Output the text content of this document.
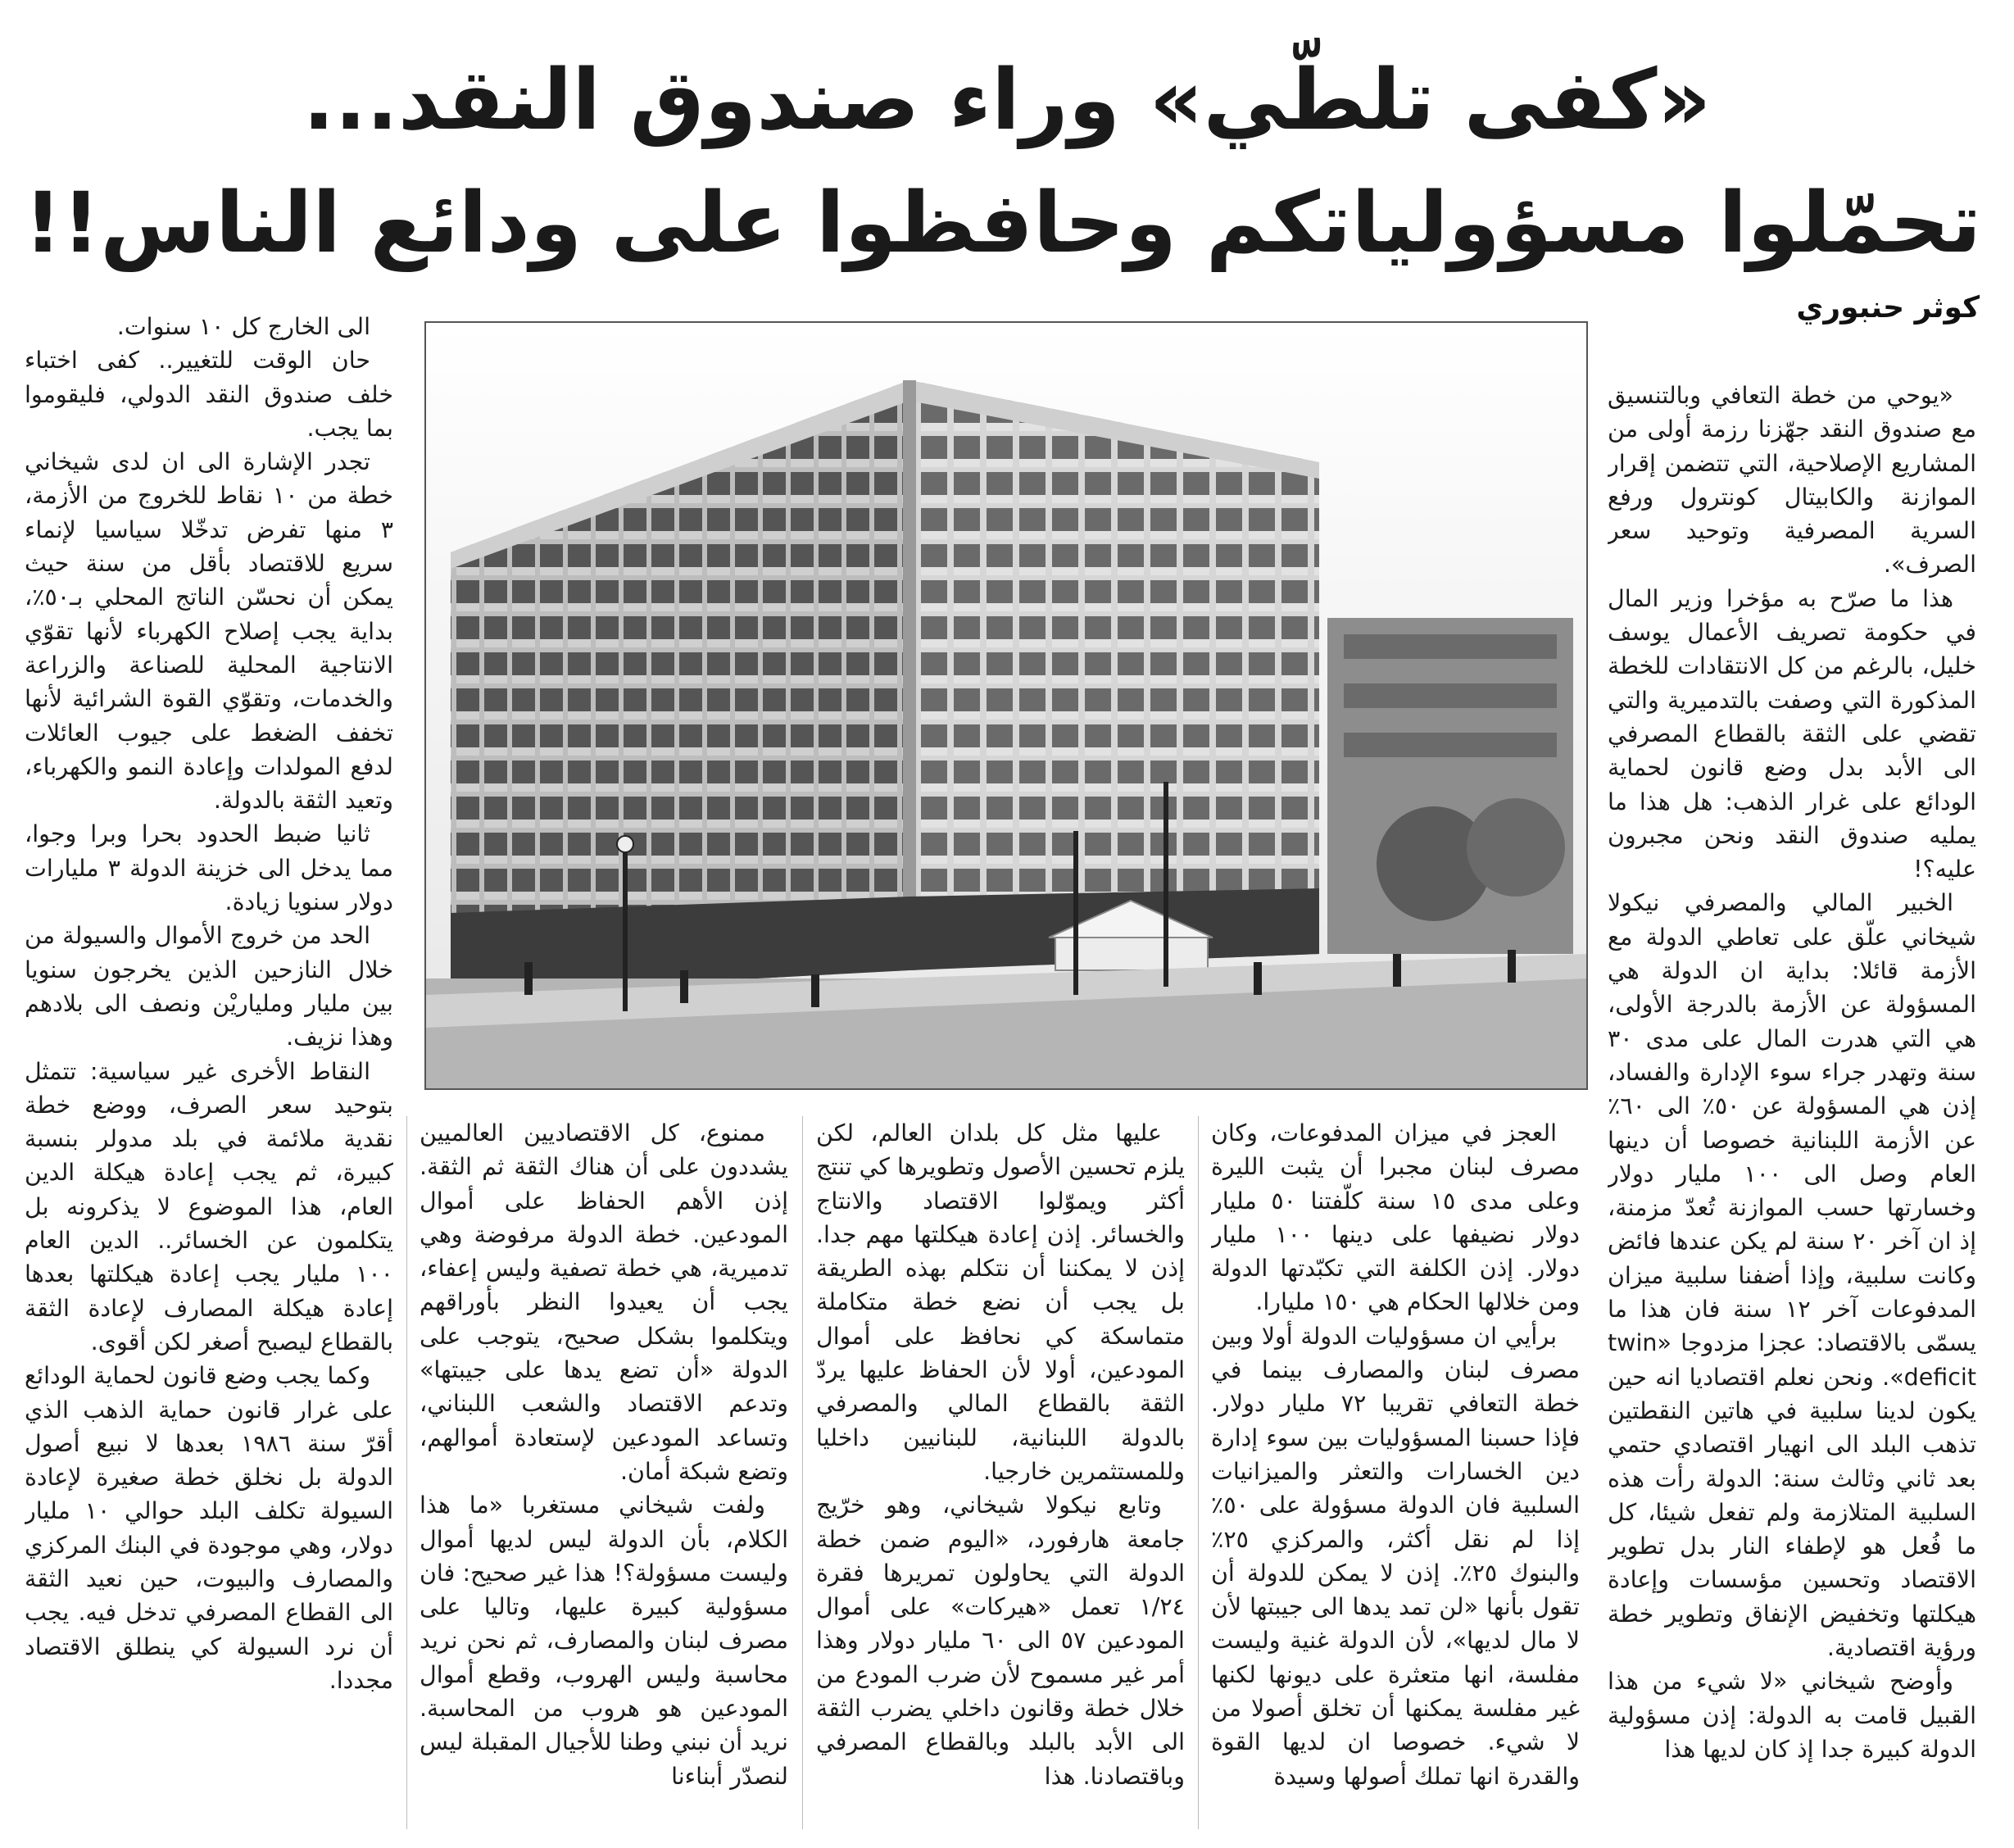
«كفى تلطّي» وراء صندوق النقد...
تحمّلوا مسؤولياتكم وحافظوا على ودائع الناس!!
كوثر حنبوري

«يوحي من خطة التعافي وبالتنسيق مع صندوق النقد جهّزنا رزمة أولى من المشاريع الإصلاحية، التي تتضمن إقرار الموازنة والكابيتال كونترول ورفع السرية المصرفية وتوحيد سعر الصرف».

هذا ما صرّح به مؤخرا وزير المال في حكومة تصريف الأعمال يوسف خليل، بالرغم من كل الانتقادات للخطة المذكورة التي وصفت بالتدميرية والتي تقضي على الثقة بالقطاع المصرفي الى الأبد بدل وضع قانون لحماية الودائع على غرار الذهب: هل هذا ما يمليه صندوق النقد ونحن مجبرون عليه؟!

الخبير المالي والمصرفي نيكولا شيخاني علّق على تعاطي الدولة مع الأزمة قائلا: بداية ان الدولة هي المسؤولة عن الأزمة بالدرجة الأولى، هي التي هدرت المال على مدى ٣٠ سنة وتهدر جراء سوء الإدارة والفساد، إذن هي المسؤولة عن ٥٠٪ الى ٦٠٪ عن الأزمة اللبنانية خصوصا أن دينها العام وصل الى ١٠٠ مليار دولار وخسارتها حسب الموازنة تُعدّ مزمنة، إذ ان آخر ٢٠ سنة لم يكن عندها فائض وكانت سلبية، وإذا أضفنا سلبية ميزان المدفوعات آخر ١٢ سنة فان هذا ما يسمّى بالاقتصاد: عجزا مزدوجا «twin deficit». ونحن نعلم اقتصاديا انه حين يكون لدينا سلبية في هاتين النقطتين تذهب البلد الى انهيار اقتصادي حتمي بعد ثاني وثالث سنة: الدولة رأت هذه السلبية المتلازمة ولم تفعل شيئا، كل ما فُعل هو لإطفاء النار بدل تطوير الاقتصاد وتحسين مؤسسات وإعادة هيكلتها وتخفيض الإنفاق وتطوير خطة ورؤية اقتصادية.

وأوضح شيخاني «لا شيء من هذا القبيل قامت به الدولة: إذن مسؤولية الدولة كبيرة جدا إذ كان لديها هذا

العجز في ميزان المدفوعات، وكان مصرف لبنان مجبرا أن يثبت الليرة وعلى مدى ١٥ سنة كلّفتنا ٥٠ مليار دولار نضيفها على دينها ١٠٠ مليار دولار. إذن الكلفة التي تكبّدتها الدولة ومن خلالها الحكام هي ١٥٠ مليارا.

برأيي ان مسؤوليات الدولة أولا وبين مصرف لبنان والمصارف بينما في خطة التعافي تقريبا ٧٢ مليار دولار. فإذا حسبنا المسؤوليات بين سوء إدارة دين الخسارات والتعثر والميزانيات السلبية فان الدولة مسؤولة على ٥٠٪ إذا لم نقل أكثر، والمركزي ٢٥٪ والبنوك ٢٥٪. إذن لا يمكن للدولة أن تقول بأنها «لن تمد يدها الى جيبتها لأن لا مال لديها»، لأن الدولة غنية وليست مفلسة، انها متعثرة على ديونها لكنها غير مفلسة يمكنها أن تخلق أصولا من لا شيء. خصوصا ان لديها القوة والقدرة انها تملك أصولها وسيدة

عليها مثل كل بلدان العالم، لكن يلزم تحسين الأصول وتطويرها كي تنتج أكثر ويموّلوا الاقتصاد والانتاج والخسائر. إذن إعادة هيكلتها مهم جدا. إذن لا يمكننا أن نتكلم بهذه الطريقة بل يجب أن نضع خطة متكاملة متماسكة كي نحافظ على أموال المودعين، أولا لأن الحفاظ عليها يردّ الثقة بالقطاع المالي والمصرفي بالدولة اللبنانية، للبنانيين داخليا وللمستثمرين خارجيا.

وتابع نيكولا شيخاني، وهو خرّيج جامعة هارفورد، «اليوم ضمن خطة الدولة التي يحاولون تمريرها فقرة ١/٢٤ تعمل «هيركات» على أموال المودعين ٥٧ الى ٦٠ مليار دولار وهذا أمر غير مسموح لأن ضرب المودع من خلال خطة وقانون داخلي يضرب الثقة الى الأبد بالبلد وبالقطاع المصرفي وباقتصادنا. هذا

ممنوع، كل الاقتصاديين العالميين يشددون على أن هناك الثقة ثم الثقة. إذن الأهم الحفاظ على أموال المودعين. خطة الدولة مرفوضة وهي تدميرية، هي خطة تصفية وليس إعفاء، يجب أن يعيدوا النظر بأوراقهم ويتكلموا بشكل صحيح، يتوجب على الدولة «أن تضع يدها على جيبتها» وتدعم الاقتصاد والشعب اللبناني، وتساعد المودعين لإستعادة أموالهم، وتضع شبكة أمان.

ولفت شيخاني مستغربا «ما هذا الكلام، بأن الدولة ليس لديها أموال وليست مسؤولة؟! هذا غير صحيح: فان مسؤولية كبيرة عليها، وتاليا على مصرف لبنان والمصارف، ثم نحن نريد محاسبة وليس الهروب، وقطع أموال المودعين هو هروب من المحاسبة. نريد أن نبني وطنا للأجيال المقبلة ليس لنصدّر أبناءنا

الى الخارج كل ١٠ سنوات.

حان الوقت للتغيير.. كفى اختباء خلف صندوق النقد الدولي، فليقوموا بما يجب.

تجدر الإشارة الى ان لدى شيخاني خطة من ١٠ نقاط للخروج من الأزمة، ٣ منها تفرض تدخّلا سياسيا لإنماء سريع للاقتصاد بأقل من سنة حيث يمكن أن نحسّن الناتج المحلي بـ٥٠٪، بداية يجب إصلاح الكهرباء لأنها تقوّي الانتاجية المحلية للصناعة والزراعة والخدمات، وتقوّي القوة الشرائية لأنها تخفف الضغط على جيوب العائلات لدفع المولدات وإعادة النمو والكهرباء، وتعيد الثقة بالدولة.

ثانيا ضبط الحدود بحرا وبرا وجوا، مما يدخل الى خزينة الدولة ٣ مليارات دولار سنويا زيادة.

الحد من خروج الأموال والسيولة من خلال النازحين الذين يخرجون سنويا بين مليار وملياريْن ونصف الى بلادهم وهذا نزيف.

النقاط الأخرى غير سياسية: تتمثل بتوحيد سعر الصرف، ووضع خطة نقدية ملائمة في بلد مدولر بنسبة كبيرة، ثم يجب إعادة هيكلة الدين العام، هذا الموضوع لا يذكرونه بل يتكلمون عن الخسائر.. الدين العام ١٠٠ مليار يجب إعادة هيكلتها بعدها إعادة هيكلة المصارف لإعادة الثقة بالقطاع ليصبح أصغر لكن أقوى.

وكما يجب وضع قانون لحماية الودائع على غرار قانون حماية الذهب الذي أقرّ سنة ١٩٨٦ بعدها لا نبيع أصول الدولة بل نخلق خطة صغيرة لإعادة السيولة تكلف البلد حوالي ١٠ مليار دولار، وهي موجودة في البنك المركزي والمصارف والبيوت، حين نعيد الثقة الى القطاع المصرفي تدخل فيه. يجب أن نرد السيولة كي ينطلق الاقتصاد مجددا.
